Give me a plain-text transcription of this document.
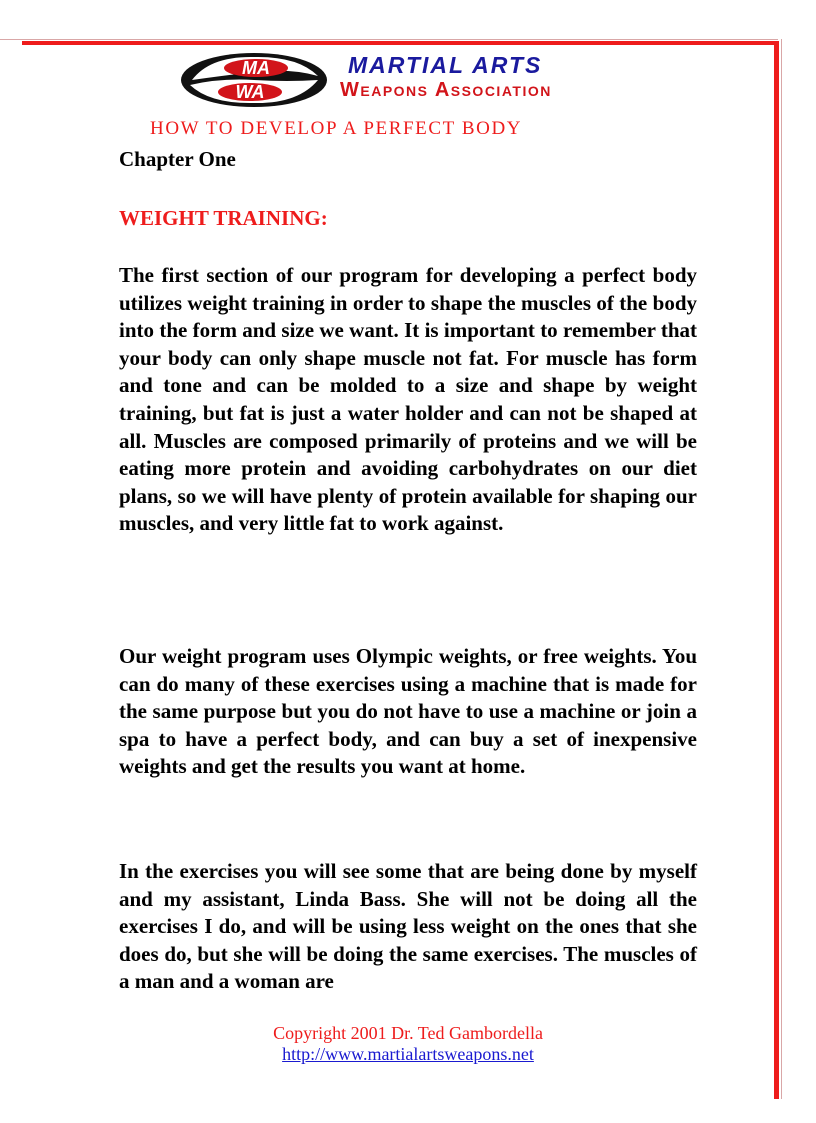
MA
WA
MARTIAL ARTS
Weapons Association
HOW TO DEVELOP A PERFECT BODY
Chapter One
WEIGHT TRAINING:

The first section of our program for developing a perfect body utilizes weight training in order to shape the muscles of the body into the form and size we want. It is important to remember that your body can only shape muscle not fat. For muscle has form and tone and can be molded to a size and shape by weight training, but fat is just a water holder and can not be shaped at all. Muscles are composed primarily of proteins and we will be eating more protein and avoiding carbohydrates on our diet plans, so we will have plenty of protein available for shaping our muscles, and very little fat to work against.

Our weight program uses Olympic weights, or free weights. You can do many of these exercises using a machine that is made for the same purpose but you do not have to use a machine or join a spa to have a perfect body, and can buy a set of inexpensive weights and get the results you want at home.

In the exercises you will see some that are being done by myself and my assistant, Linda Bass. She will not be doing all the exercises I do, and will be using less weight on the ones that she does do, but she will be doing the same exercises. The muscles of a man and a woman are

Copyright 2001 Dr. Ted Gambordella
http://www.martialartsweapons.net
